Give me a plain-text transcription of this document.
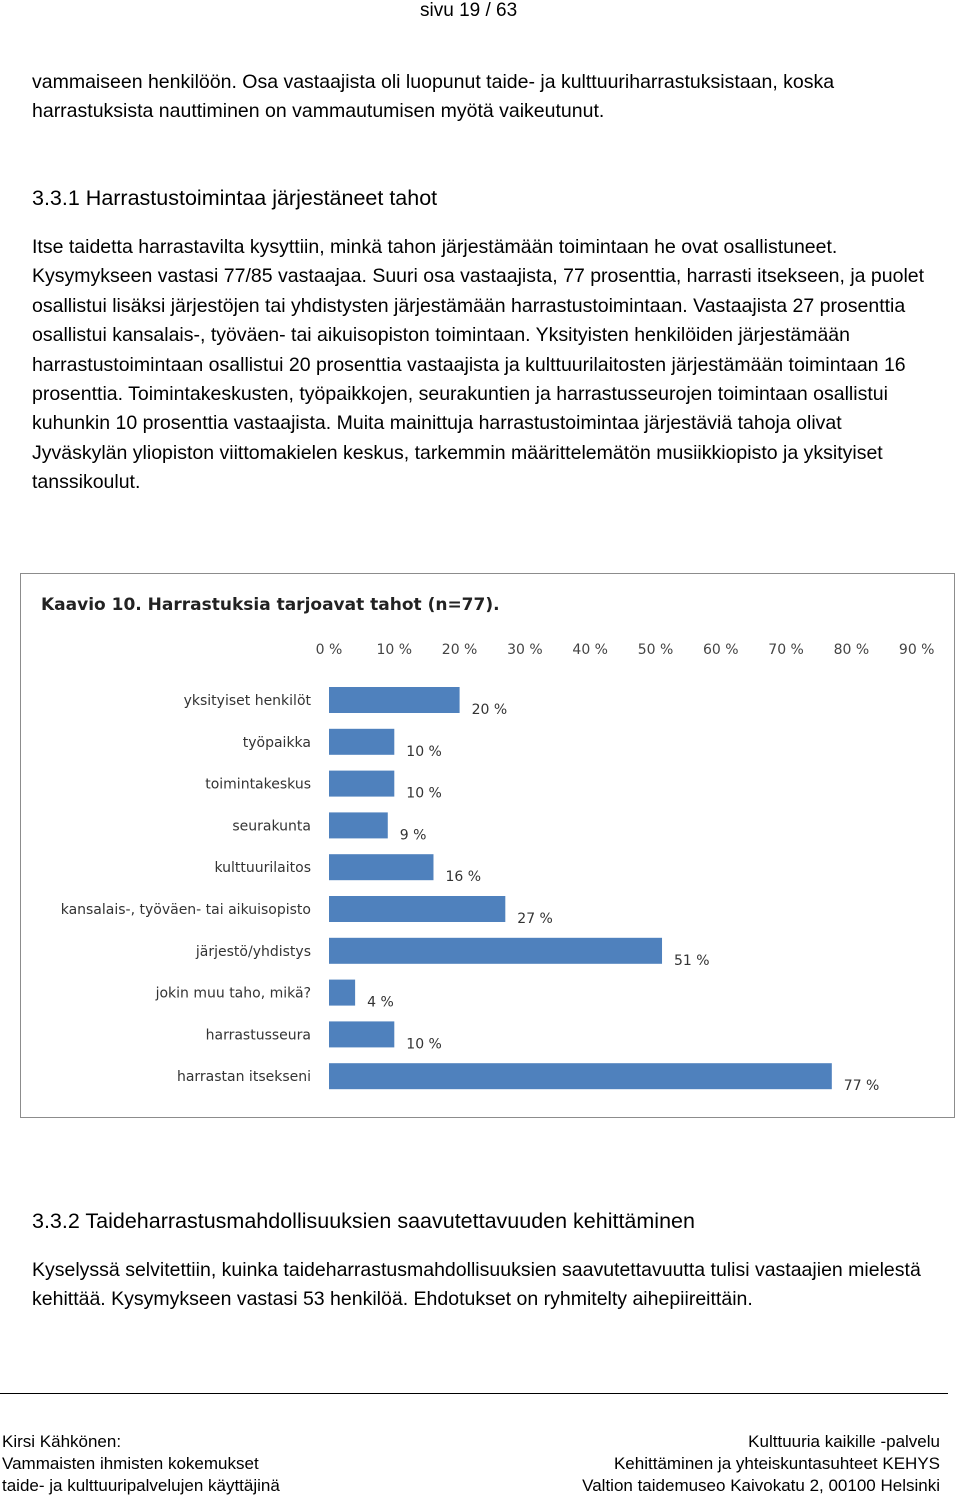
sivu 19 / 63

vammaiseen henkilöön. Osa vastaajista oli luopunut taide- ja kulttuuriharrastuksistaan, koska harrastuksista nauttiminen on vammautumisen myötä vaikeutunut.

3.3.1 Harrastustoimintaa järjestäneet tahot

Itse taidetta harrastavilta kysyttiin, minkä tahon järjestämään toimintaan he ovat osallistuneet. Kysymykseen vastasi 77/85 vastaajaa. Suuri osa vastaajista, 77 prosenttia, harrasti itsekseen, ja puolet osallistui lisäksi järjestöjen tai yhdistysten järjestämään harrastustoimintaan. Vastaajista 27 prosenttia osallistui kansalais-, työväen- tai aikuisopiston toimintaan. Yksityisten henkilöiden järjestämään harrastustoimintaan osallistui 20 prosenttia vastaajista ja kulttuurilaitosten järjestämään toimintaan 16 prosenttia. Toimintakeskusten, työpaikkojen, seurakuntien ja harrastusseurojen toimintaan osallistui kuhunkin 10 prosenttia vastaajista. Muita mainittuja harrastustoimintaa järjestäviä tahoja olivat Jyväskylän yliopiston viittomakielen keskus, tarkemmin määrittelemätön musiikkiopisto ja yksityiset tanssikoulut.

Kaavio 10. Harrastuksia tarjoavat tahot (n=77).
0 % 10 % 20 % 30 % 40 % 50 % 60 % 70 % 80 % 90 %
yksityiset henkilöt
työpaikka
toimintakeskus
seurakunta
kulttuurilaitos
kansalais-, työväen- tai aikuisopisto
järjestö/yhdistys
jokin muu taho, mikä?
harrastusseura
harrastan itsekseni
20 %
10 %
10 %
9 %
16 %
27 %
51 %
4 %
10 %
77 %
3.3.2 Taideharrastusmahdollisuuksien saavutettavuuden kehittäminen

Kyselyssä selvitettiin, kuinka taideharrastusmahdollisuuksien saavutettavuutta tulisi vastaajien mielestä kehittää. Kysymykseen vastasi 53 henkilöä. Ehdotukset on ryhmitelty aihepiireittäin.

Kirsi Kähkönen:
Vammaisten ihmisten kokemukset
taide- ja kulttuuripalvelujen käyttäjinä
Kulttuuria kaikille -palvelu
Kehittäminen ja yhteiskuntasuhteet KEHYS
Valtion taidemuseo Kaivokatu 2, 00100 Helsinki
